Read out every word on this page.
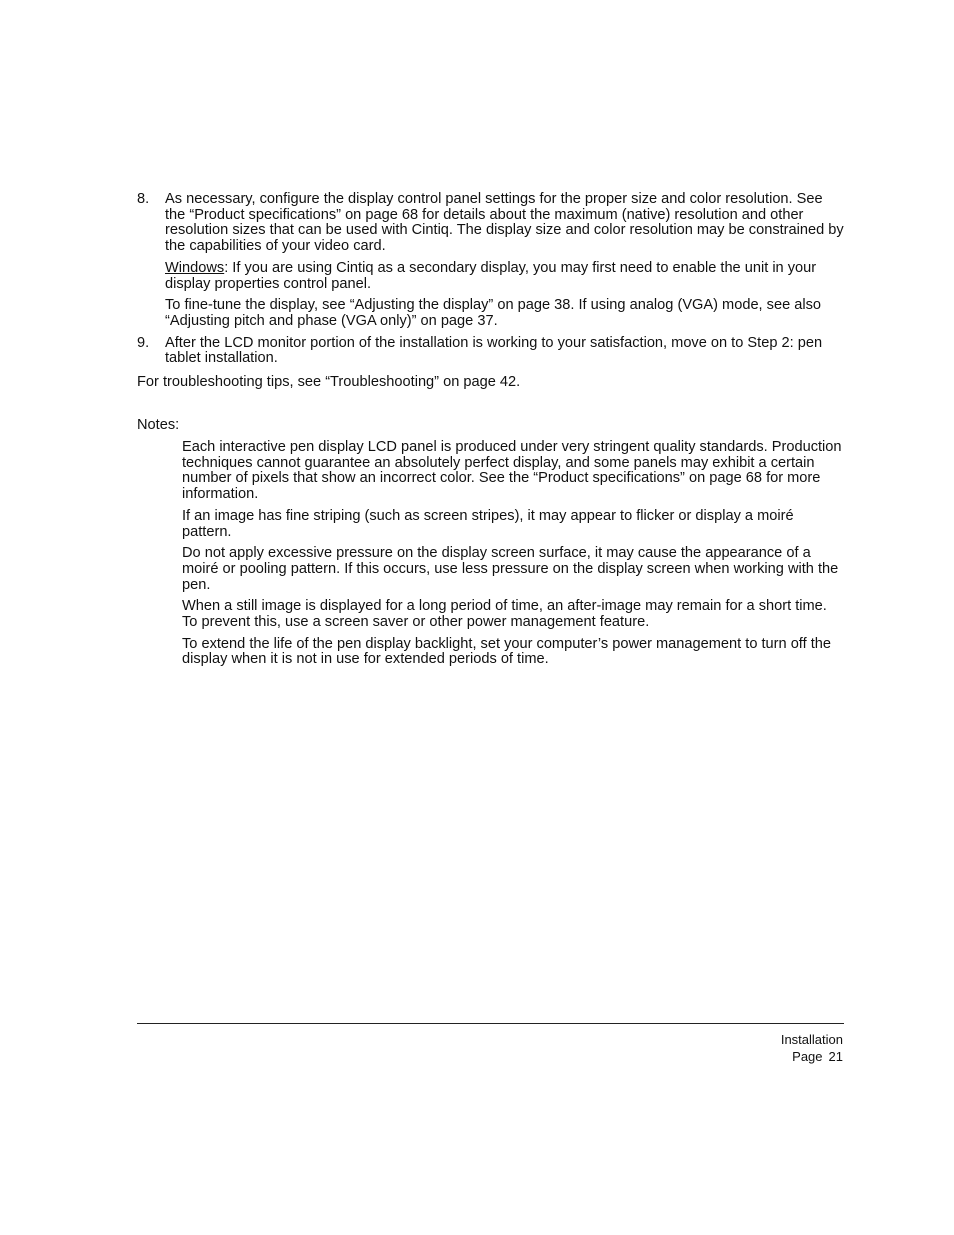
8. As necessary, configure the display control panel settings for the proper size and color resolution. See the “Product specifications” on page 68 for details about the maximum (native) resolution and other resolution sizes that can be used with Cintiq. The display size and color resolution may be constrained by the capabilities of your video card.

Windows: If you are using Cintiq as a secondary display, you may first need to enable the unit in your display properties control panel.

To fine-tune the display, see “Adjusting the display” on page 38. If using analog (VGA) mode, see also “Adjusting pitch and phase (VGA only)” on page 37.

9. After the LCD monitor portion of the installation is working to your satisfaction, move on to Step 2: pen tablet installation.

For troubleshooting tips, see “Troubleshooting” on page 42.

Notes:

Each interactive pen display LCD panel is produced under very stringent quality standards. Production techniques cannot guarantee an absolutely perfect display, and some panels may exhibit a certain number of pixels that show an incorrect color. See the “Product specifications” on page 68 for more information.

If an image has fine striping (such as screen stripes), it may appear to flicker or display a moiré pattern.

Do not apply excessive pressure on the display screen surface, it may cause the appearance of a moiré or pooling pattern. If this occurs, use less pressure on the display screen when working with the pen.

When a still image is displayed for a long period of time, an after-image may remain for a short time. To prevent this, use a screen saver or other power management feature.

To extend the life of the pen display backlight, set your computer’s power management to turn off the display when it is not in use for extended periods of time.

Installation
Page 21
